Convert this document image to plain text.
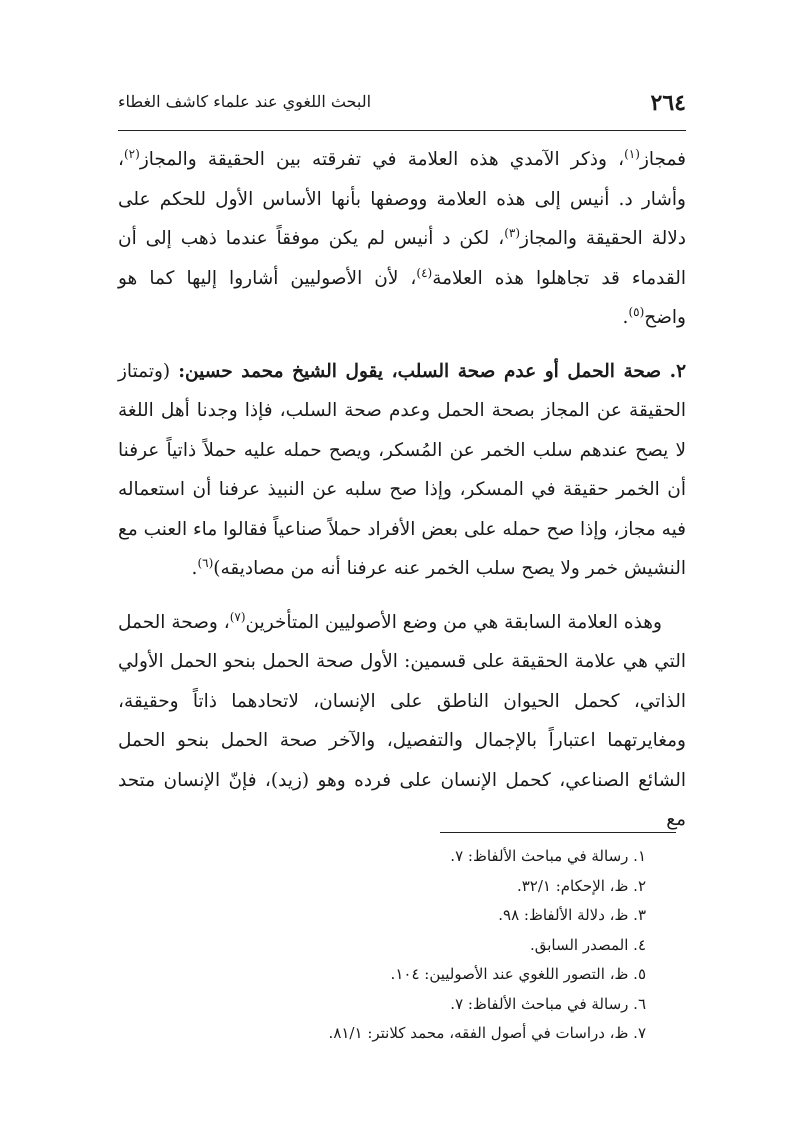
٢٦٤
البحث اللغوي عند علماء كاشف الغطاء

فمجاز$^{(١)}$، وذكر الآمدي هذه العلامة في تفرقته بين الحقيقة والمجاز$^{(٢)}$، وأشار د. أنيس إلى هذه العلامة ووصفها بأنها الأساس الأول للحكم على دلالة الحقيقة والمجاز$^{(٣)}$، لكن د أنيس لم يكن موفقاً عندما ذهب إلى أن القدماء قد تجاهلوا هذه العلامة$^{(٤)}$، لأن الأصوليين أشاروا إليها كما هو واضح$^{(٥)}$.

٢. صحة الحمل أو عدم صحة السلب، يقول الشيخ محمد حسين: (وتمتاز الحقيقة عن المجاز بصحة الحمل وعدم صحة السلب، فإذا وجدنا أهل اللغة لا يصح عندهم سلب الخمر عن المُسكر، ويصح حمله عليه حملاً ذاتياً عرفنا أن الخمر حقيقة في المسكر، وإذا صح سلبه عن النبيذ عرفنا أن استعماله فيه مجاز، وإذا صح حمله على بعض الأفراد حملاً صناعياً فقالوا ماء العنب مع النشيش خمر ولا يصح سلب الخمر عنه عرفنا أنه من مصاديقه)$^{(٦)}$.

وهذه العلامة السابقة هي من وضع الأصوليين المتأخرين$^{(٧)}$، وصحة الحمل التي هي علامة الحقيقة على قسمين: الأول صحة الحمل بنحو الحمل الأولي الذاتي، كحمل الحيوان الناطق على الإنسان، لاتحادهما ذاتاً وحقيقة، ومغايرتهما اعتباراً بالإجمال والتفصيل، والآخر صحة الحمل بنحو الحمل الشائع الصناعي، كحمل الإنسان على فرده وهو (زيد)، فإنّ الإنسان متحد مع

١. رسالة في مباحث الألفاظ: ٧.
٢. ظ، الإحكام: ٣٢/١.
٣. ظ، دلالة الألفاظ: ٩٨.
٤. المصدر السابق.
٥. ظ، التصور اللغوي عند الأصوليين: ١٠٤.
٦. رسالة في مباحث الألفاظ: ٧.
٧. ظ، دراسات في أصول الفقه، محمد كلانتر: ٨١/١.
